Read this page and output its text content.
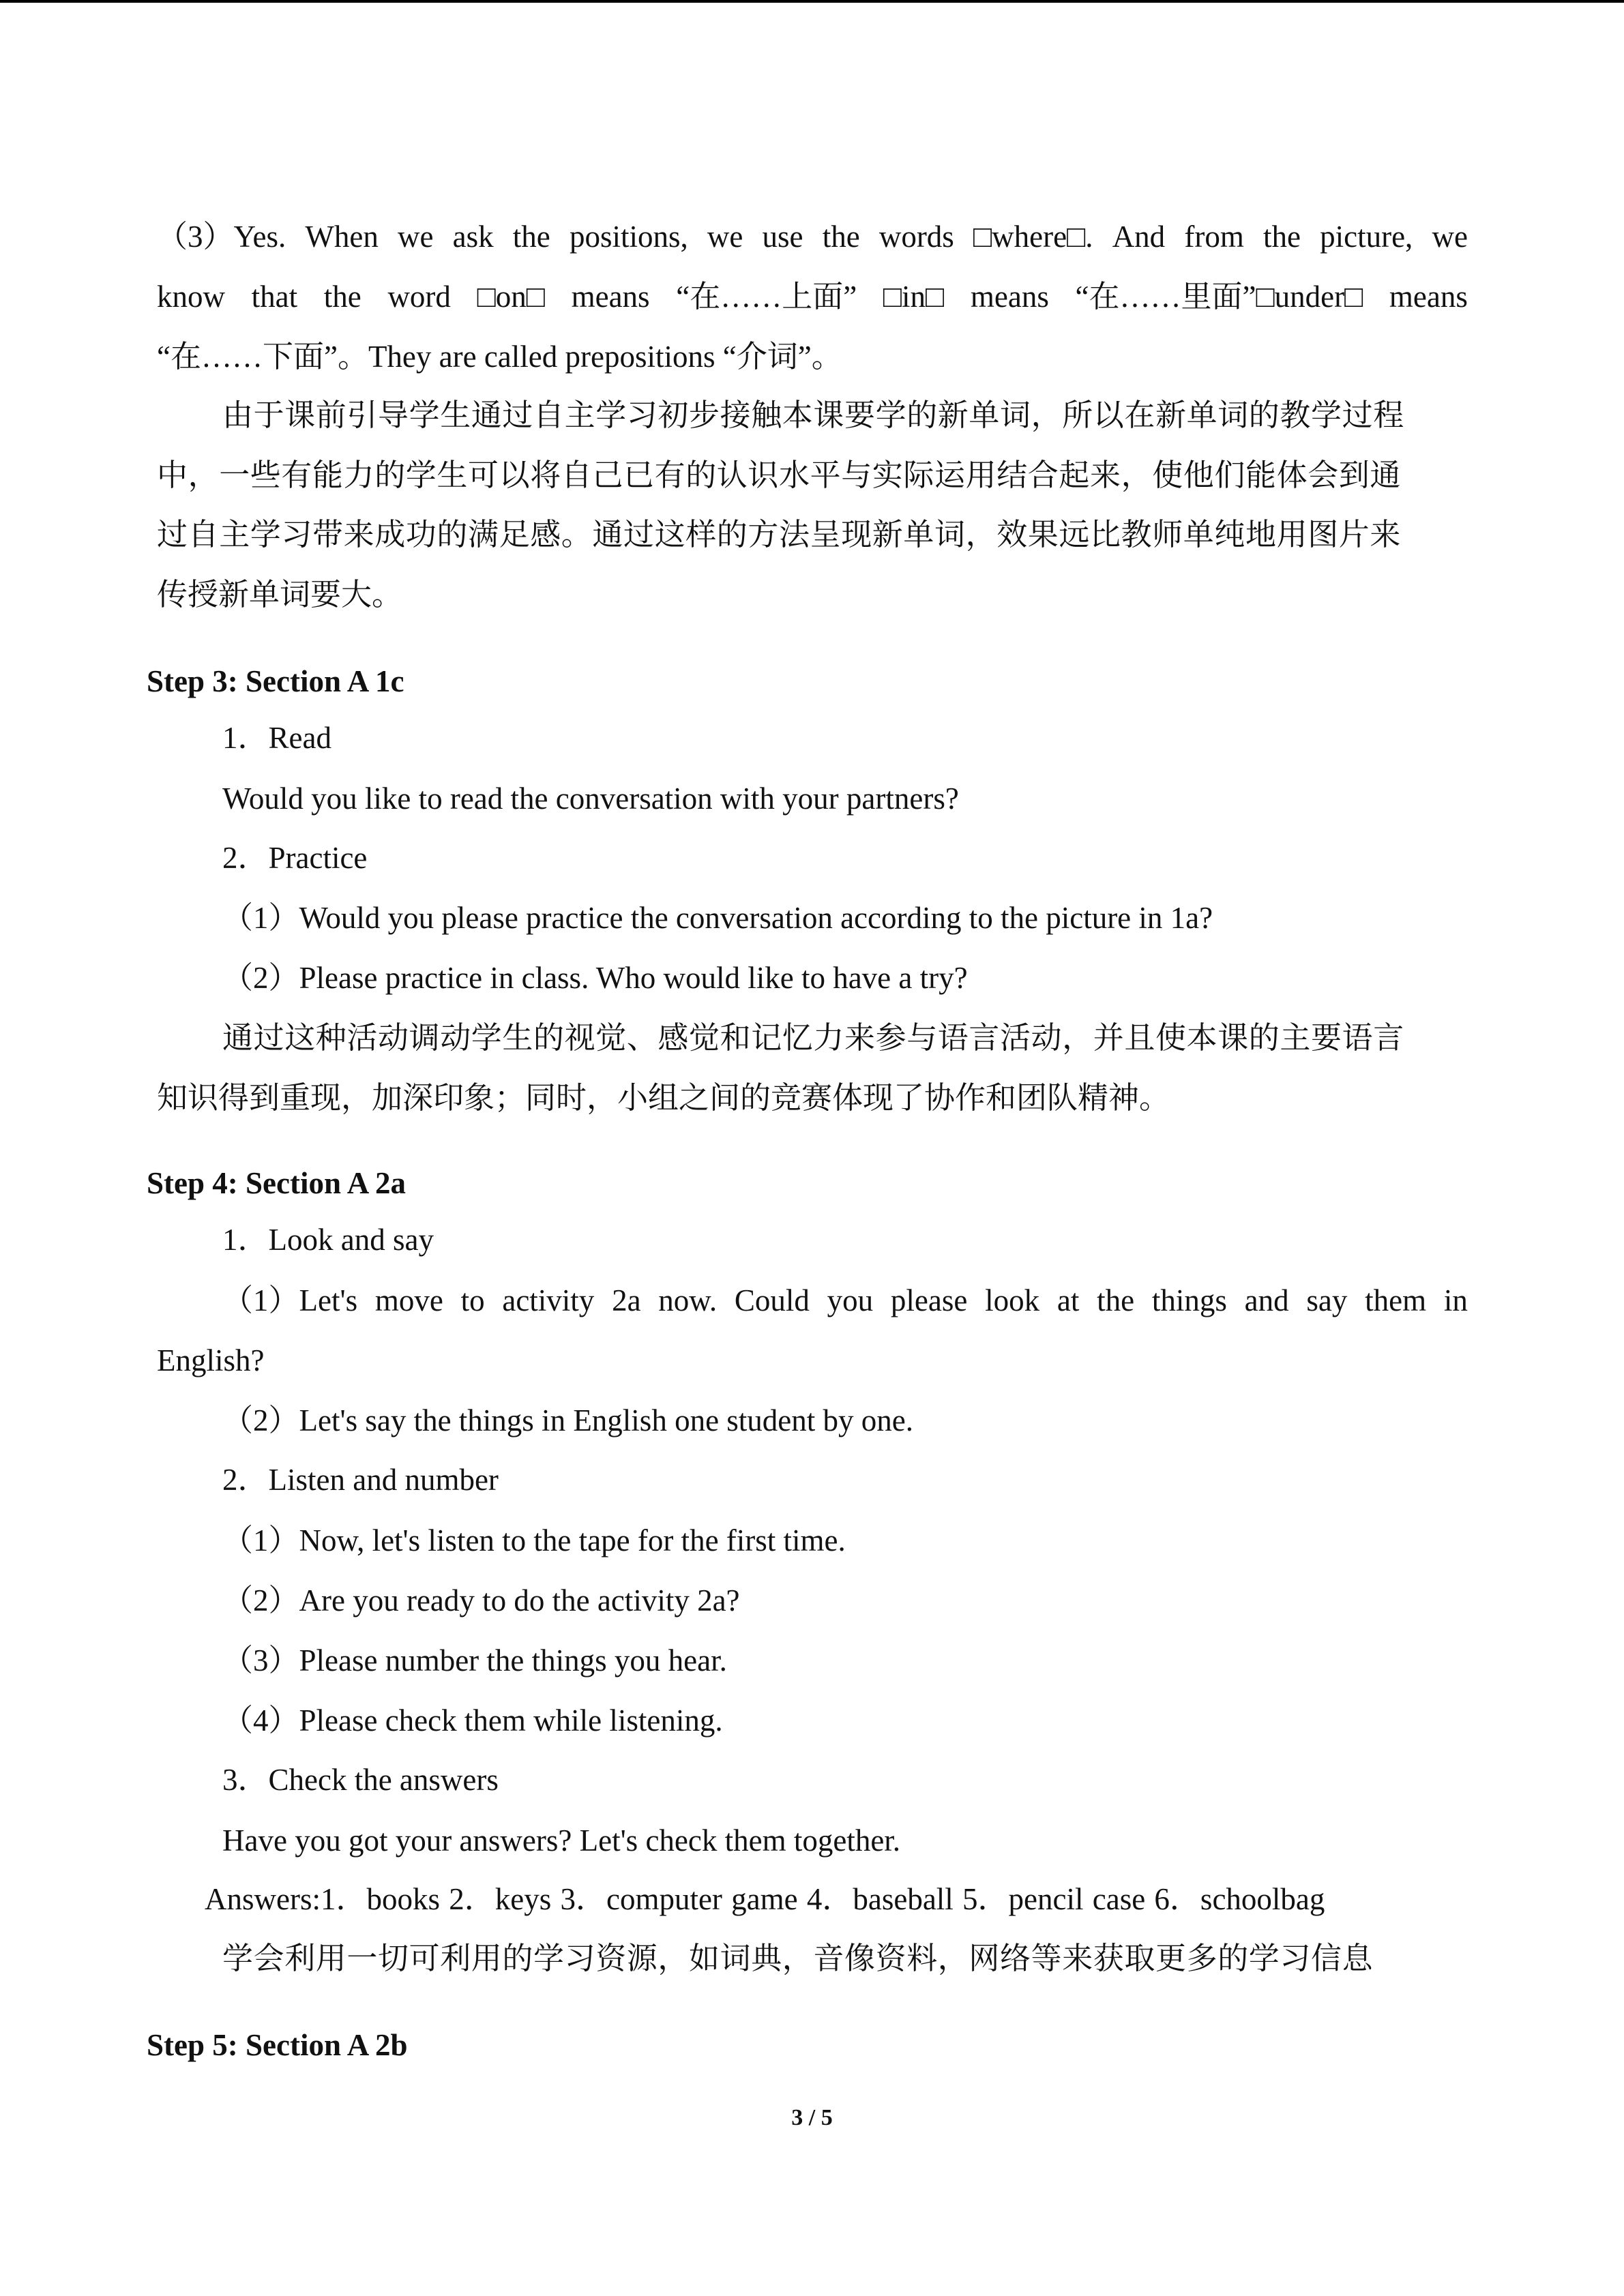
（3）Yes. When we ask the positions, we use the words □where□. And from the picture, we
know that the word □on□ means “在……上面” □in□ means “在……里面”□under□ means
“在……下面”。They are called prepositions “介词”。
由于课前引导学生通过自主学习初步接触本课要学的新单词，所以在新单词的教学过程
中，一些有能力的学生可以将自己已有的认识水平与实际运用结合起来，使他们能体会到通
过自主学习带来成功的满足感。通过这样的方法呈现新单词，效果远比教师单纯地用图片来
传授新单词要大。
Step 3: Section A 1c
1．Read
Would you like to read the conversation with your partners?
2．Practice
（1）Would you please practice the conversation according to the picture in 1a?
（2）Please practice in class. Who would like to have a try?
通过这种活动调动学生的视觉、感觉和记忆力来参与语言活动，并且使本课的主要语言
知识得到重现，加深印象；同时，小组之间的竞赛体现了协作和团队精神。
Step 4: Section A 2a
1．Look and say
（1）Let's move to activity 2a now. Could you please look at the things and say them in
English?
（2）Let's say the things in English one student by one.
2．Listen and number
（1）Now, let's listen to the tape for the first time.
（2）Are you ready to do the activity 2a?
（3）Please number the things you hear.
（4）Please check them while listening.
3．Check the answers
Have you got your answers? Let's check them together.
Answers:1．books 2．keys 3．computer game 4．baseball 5．pencil case 6．schoolbag
学会利用一切可利用的学习资源，如词典，音像资料，网络等来获取更多的学习信息
Step 5: Section A 2b
3 / 5
